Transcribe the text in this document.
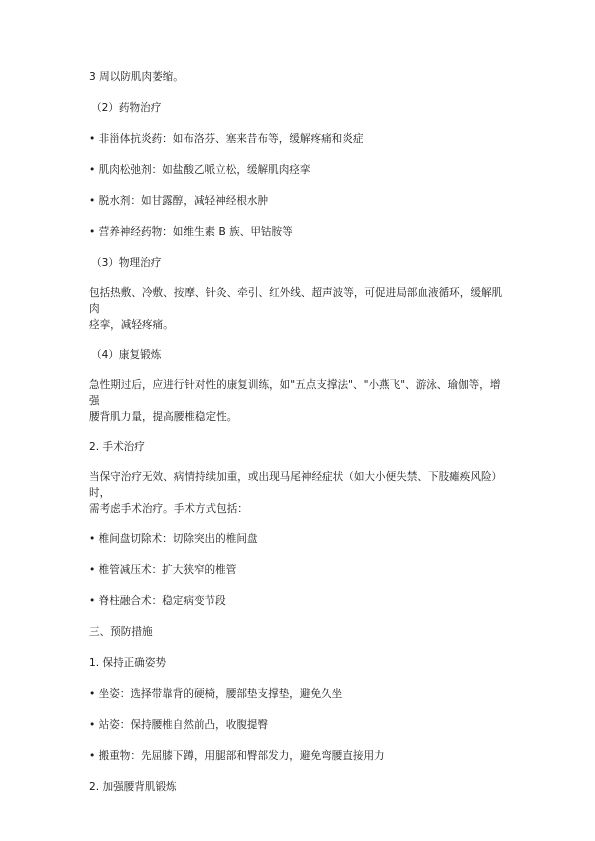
3 周以防肌肉萎缩。

（2）药物治疗

• 非甾体抗炎药：如布洛芬、塞来昔布等，缓解疼痛和炎症

• 肌肉松弛剂：如盐酸乙哌立松，缓解肌肉痉挛

• 脱水剂：如甘露醇，减轻神经根水肿

• 营养神经药物：如维生素 B 族、甲钴胺等

（3）物理治疗

包括热敷、冷敷、按摩、针灸、牵引、红外线、超声波等，可促进局部血液循环，缓解肌肉

痉挛，减轻疼痛。

（4）康复锻炼

急性期过后，应进行针对性的康复训练，如"五点支撑法"、"小燕飞"、游泳、瑜伽等，增强

腰背肌力量，提高腰椎稳定性。

2. 手术治疗

当保守治疗无效、病情持续加重，或出现马尾神经症状（如大小便失禁、下肢瘫痪风险）时，

需考虑手术治疗。手术方式包括：

• 椎间盘切除术：切除突出的椎间盘

• 椎管减压术：扩大狭窄的椎管

• 脊柱融合术：稳定病变节段

三、预防措施

1. 保持正确姿势

• 坐姿：选择带靠背的硬椅，腰部垫支撑垫，避免久坐

• 站姿：保持腰椎自然前凸，收腹提臀

• 搬重物：先屈膝下蹲，用腿部和臀部发力，避免弯腰直接用力

2. 加强腰背肌锻炼
